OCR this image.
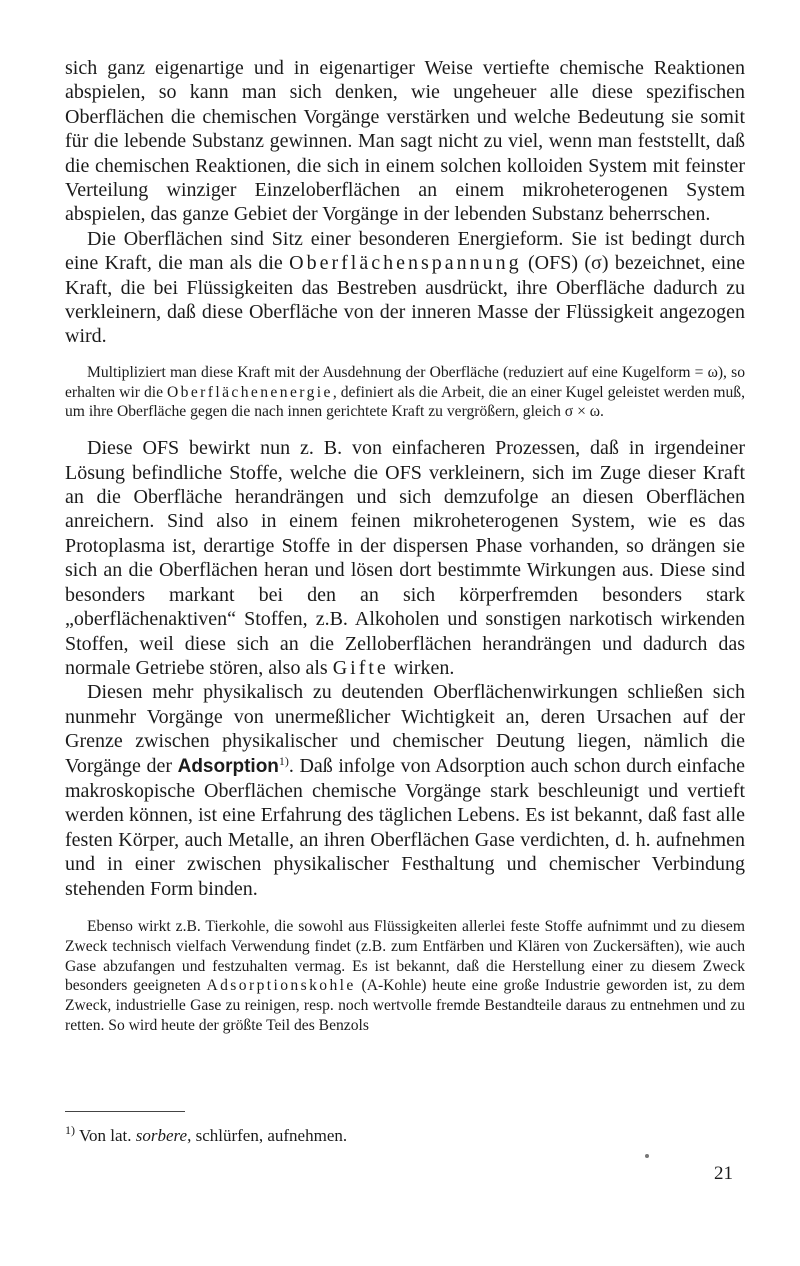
sich ganz eigenartige und in eigenartiger Weise vertiefte chemische Reaktionen abspielen, so kann man sich denken, wie ungeheuer alle diese spezifischen Oberflächen die chemischen Vorgänge verstärken und welche Bedeutung sie somit für die lebende Substanz gewinnen. Man sagt nicht zu viel, wenn man feststellt, daß die chemischen Reaktionen, die sich in einem solchen kolloiden System mit feinster Verteilung winziger Einzeloberflächen an einem mikroheterogenen System abspielen, das ganze Gebiet der Vorgänge in der lebenden Substanz beherrschen.

Die Oberflächen sind Sitz einer besonderen Energieform. Sie ist bedingt durch eine Kraft, die man als die Oberflächenspannung (OFS) (σ) bezeichnet, eine Kraft, die bei Flüssigkeiten das Bestreben ausdrückt, ihre Oberfläche dadurch zu verkleinern, daß diese Oberfläche von der inneren Masse der Flüssigkeit angezogen wird.

Multipliziert man diese Kraft mit der Ausdehnung der Oberfläche (reduziert auf eine Kugelform = ω), so erhalten wir die Oberflächenenergie, definiert als die Arbeit, die an einer Kugel geleistet werden muß, um ihre Oberfläche gegen die nach innen gerichtete Kraft zu vergrößern, gleich σ × ω.

Diese OFS bewirkt nun z. B. von einfacheren Prozessen, daß in irgendeiner Lösung befindliche Stoffe, welche die OFS verkleinern, sich im Zuge dieser Kraft an die Oberfläche herandrängen und sich demzufolge an diesen Oberflächen anreichern. Sind also in einem feinen mikroheterogenen System, wie es das Protoplasma ist, derartige Stoffe in der dispersen Phase vorhanden, so drängen sie sich an die Oberflächen heran und lösen dort bestimmte Wirkungen aus. Diese sind besonders markant bei den an sich körperfremden besonders stark „oberflächenaktiven“ Stoffen, z.B. Alkoholen und sonstigen narkotisch wirkenden Stoffen, weil diese sich an die Zelloberflächen herandrängen und dadurch das normale Getriebe stören, also als Gifte wirken.

Diesen mehr physikalisch zu deutenden Oberflächenwirkungen schließen sich nunmehr Vorgänge von unermeßlicher Wichtigkeit an, deren Ursachen auf der Grenze zwischen physikalischer und chemischer Deutung liegen, nämlich die Vorgänge der Adsorption$^{1)}$. Daß infolge von Adsorption auch schon durch einfache makroskopische Oberflächen chemische Vorgänge stark beschleunigt und vertieft werden können, ist eine Erfahrung des täglichen Lebens. Es ist bekannt, daß fast alle festen Körper, auch Metalle, an ihren Oberflächen Gase verdichten, d. h. aufnehmen und in einer zwischen physikalischer Festhaltung und chemischer Verbindung stehenden Form binden.

Ebenso wirkt z.B. Tierkohle, die sowohl aus Flüssigkeiten allerlei feste Stoffe aufnimmt und zu diesem Zweck technisch vielfach Verwendung findet (z.B. zum Entfärben und Klären von Zuckersäften), wie auch Gase abzufangen und festzuhalten vermag. Es ist bekannt, daß die Herstellung einer zu diesem Zweck besonders geeigneten Adsorptionskohle (A-Kohle) heute eine große Industrie geworden ist, zu dem Zweck, industrielle Gase zu reinigen, resp. noch wertvolle fremde Bestandteile daraus zu entnehmen und zu retten. So wird heute der größte Teil des Benzols

$^{1)}$ Von lat. sorbere, schlürfen, aufnehmen.
21
